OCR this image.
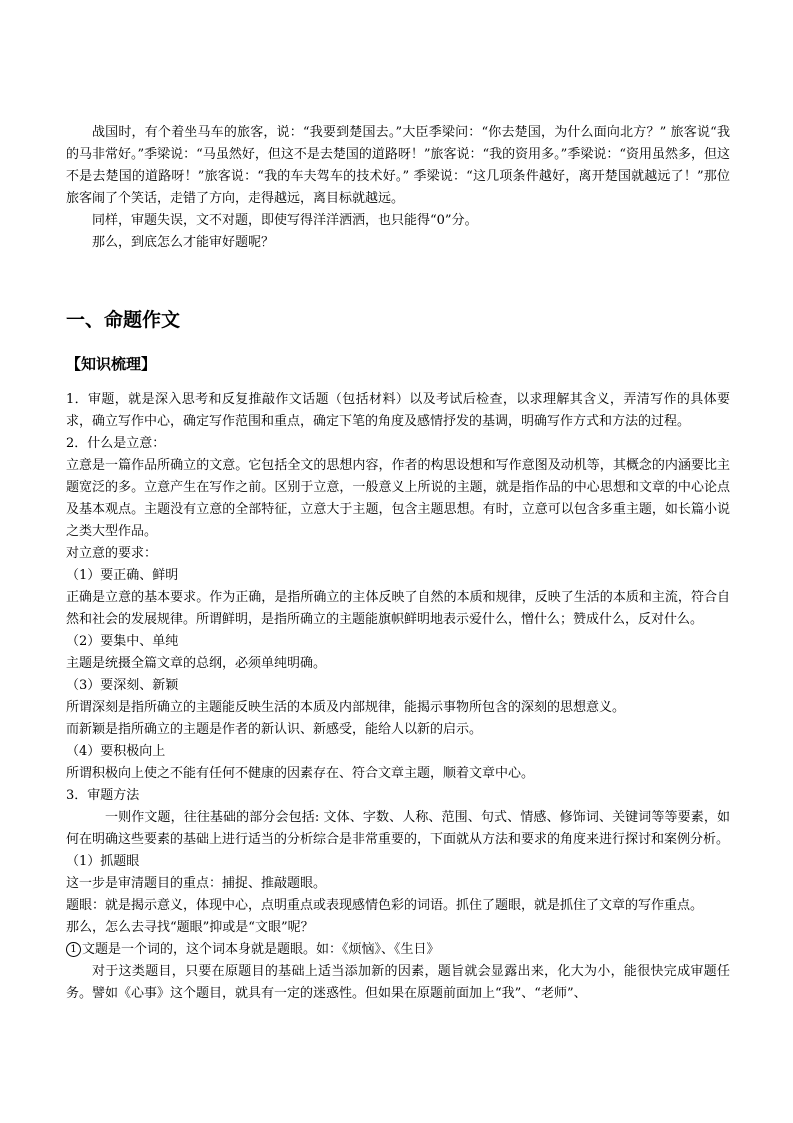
战国时，有个着坐马车的旅客，说：“我要到楚国去。”大臣季梁问：“你去楚国，为什么面向北方？” 旅客说“我的马非常好。”季梁说：“马虽然好，但这不是去楚国的道路呀！”旅客说：“我的资用多。”季梁说：“资用虽然多，但这不是去楚国的道路呀！”旅客说：“我的车夫驾车的技术好。” 季梁说：“这几项条件越好，离开楚国就越远了！”那位旅客闹了个笑话，走错了方向，走得越远，离目标就越远。

同样，审题失误，文不对题，即使写得洋洋洒洒，也只能得“0”分。

那么，到底怎么才能审好题呢？

一、命题作文
【知识梳理】

1．审题，就是深入思考和反复推敲作文话题（包括材料）以及考试后检查，以求理解其含义，弄清写作的具体要求，确立写作中心，确定写作范围和重点，确定下笔的角度及感情抒发的基调，明确写作方式和方法的过程。

2．什么是立意：

立意是一篇作品所确立的文意。它包括全文的思想内容，作者的构思设想和写作意图及动机等，其概念的内涵要比主题宽泛的多。立意产生在写作之前。区别于立意，一般意义上所说的主题，就是指作品的中心思想和文章的中心论点及基本观点。主题没有立意的全部特征，立意大于主题，包含主题思想。有时，立意可以包含多重主题，如长篇小说之类大型作品。

对立意的要求：

（1）要正确、鲜明

正确是立意的基本要求。作为正确，是指所确立的主体反映了自然的本质和规律，反映了生活的本质和主流，符合自然和社会的发展规律。所谓鲜明，是指所确立的主题能旗帜鲜明地表示爱什么，憎什么；赞成什么，反对什么。

（2）要集中、单纯

主题是统摄全篇文章的总纲，必须单纯明确。

（3）要深刻、新颖

所谓深刻是指所确立的主题能反映生活的本质及内部规律，能揭示事物所包含的深刻的思想意义。

而新颖是指所确立的主题是作者的新认识、新感受，能给人以新的启示。

（4）要积极向上

所谓积极向上使之不能有任何不健康的因素存在、符合文章主题，顺着文章中心。

3．审题方法

一则作文题，往往基础的部分会包括: 文体、字数、人称、范围、句式、情感、修饰词、关键词等等要素，如何在明确这些要素的基础上进行适当的分析综合是非常重要的，下面就从方法和要求的角度来进行探讨和案例分析。

（1）抓题眼

这一步是审清题目的重点：捕捉、推敲题眼。

题眼：就是揭示意义，体现中心，点明重点或表现感情色彩的词语。抓住了题眼，就是抓住了文章的写作重点。

那么，怎么去寻找“题眼”抑或是“文眼”呢？

1 文题是一个词的，这个词本身就是题眼。如：《烦恼》、《生日》

对于这类题目，只要在原题目的基础上适当添加新的因素，题旨就会显露出来，化大为小，能很快完成审题任务。譬如《心事》这个题目，就具有一定的迷惑性。但如果在原题前面加上“我”、“老师”、
